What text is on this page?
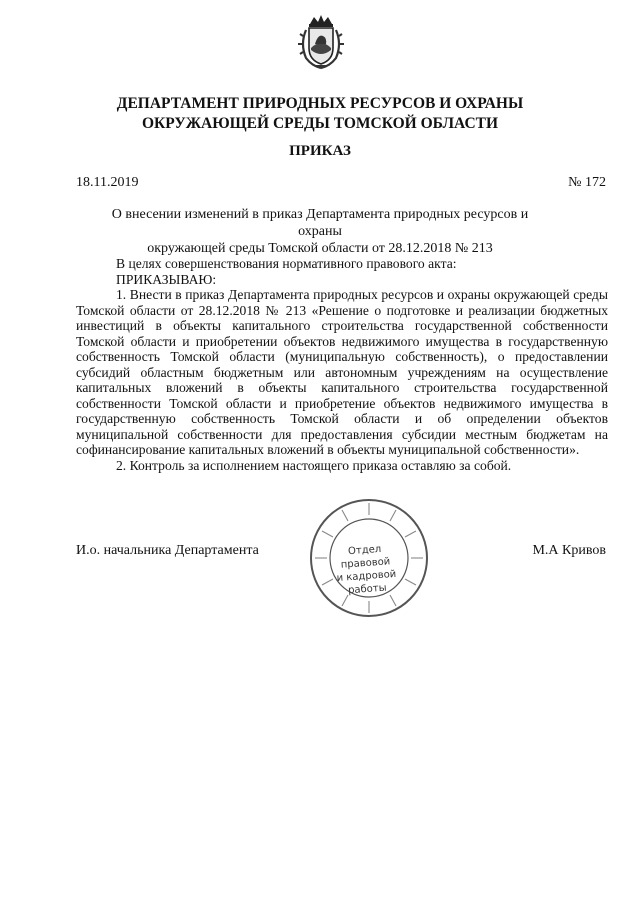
ДЕПАРТАМЕНТ ПРИРОДНЫХ РЕСУРСОВ И ОХРАНЫ
ОКРУЖАЮЩЕЙ СРЕДЫ ТОМСКОЙ ОБЛАСТИ
ПРИКАЗ
18.11.2019	№ 172
О внесении изменений в приказ Департамента природных ресурсов и охраны
окружающей среды Томской области от 28.12.2018 № 213

В целях совершенствования нормативного правового акта:

ПРИКАЗЫВАЮ:

1. Внести в приказ Департамента природных ресурсов и охраны окружающей среды Томской области от 28.12.2018 № 213 «Решение о подготовке и реализации бюджетных инвестиций в объекты капитального строительства государственной собственности Томской области и приобретении объектов недвижимого имущества в государственную собственность Томской области (муниципальную собственность), о предоставлении субсидий областным бюджетным или автономным учреждениям на осуществление капитальных вложений в объекты капитального строительства государственной собственности Томской области и приобретение объектов недвижимого имущества в государственную собственность Томской области и об определении объектов муниципальной собственности для предоставления субсидии местным бюджетам на софинансирование капитальных вложений в объекты муниципальной собственности».

2. Контроль за исполнением настоящего приказа оставляю за собой.

И.о. начальника Департамента	М.А Кривов
Отдел правовой
и кадровой
работы
